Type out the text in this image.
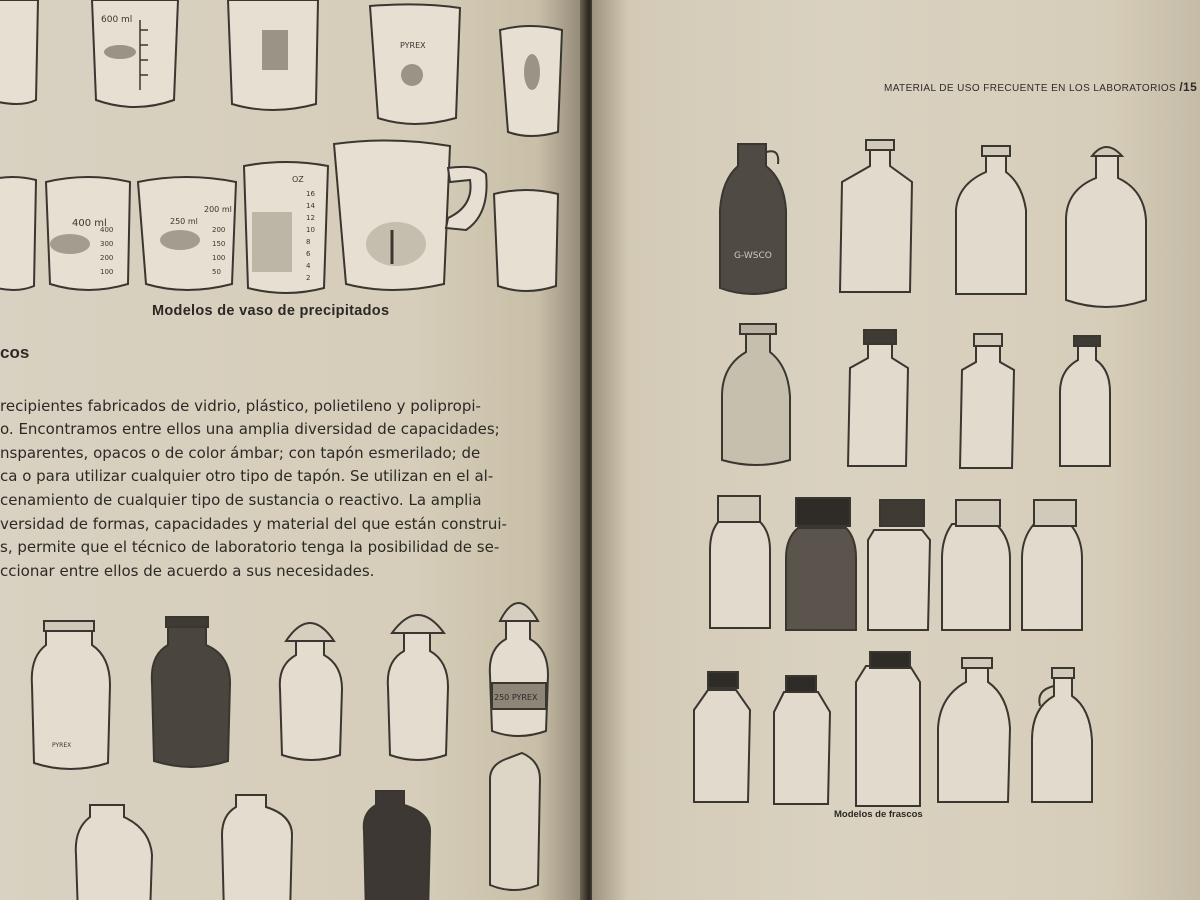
600 ml
PYREX
400 ml	250 ml
OZ
200 ml
400
300
200
100
200
150
100
50
16
14
12
10
8
6
4
2
Modelos de vaso de precipitados
cos
recipientes fabricados de vidrio, plástico, polietileno y polipropi-
o. Encontramos entre ellos una amplia diversidad de capacidades;
nsparentes, opacos o de color ámbar; con tapón esmerilado; de
ca o para utilizar cualquier otro tipo de tapón. Se utilizan en el al-
cenamiento de cualquier tipo de sustancia o reactivo. La amplia
versidad de formas, capacidades y material del que están construi-
s, permite que el técnico de laboratorio tenga la posibilidad de se-
ccionar entre ellos de acuerdo a sus necesidades.
250 PYREX
PYREX
MATERIAL DE USO FRECUENTE EN LOS LABORATORIOS /15
G-WSCO
Modelos de frascos
